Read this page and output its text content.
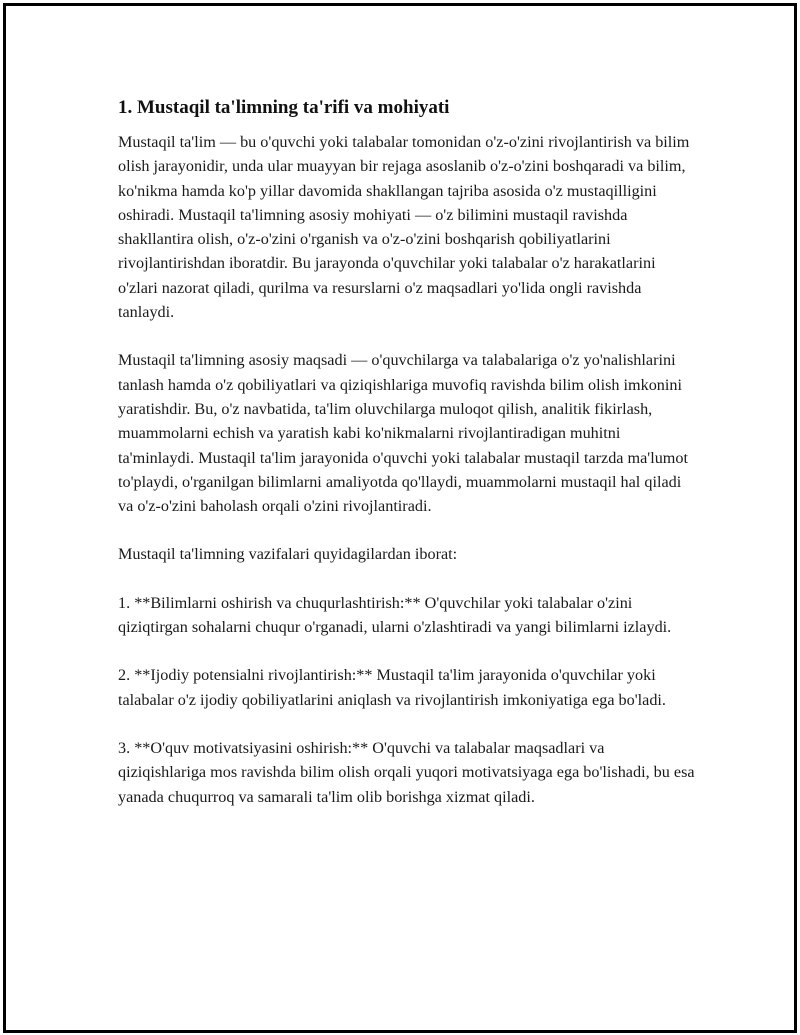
1. Mustaqil ta'limning ta'rifi va mohiyati

Mustaqil ta'lim — bu o'quvchi yoki talabalar tomonidan o'z-o'zini rivojlantirish va bilim olish jarayonidir, unda ular muayyan bir rejaga asoslanib o'z-o'zini boshqaradi va bilim, ko'nikma hamda ko'p yillar davomida shakllangan tajriba asosida o'z mustaqilligini oshiradi. Mustaqil ta'limning asosiy mohiyati — o'z bilimini mustaqil ravishda shakllantira olish, o'z-o'zini o'rganish va o'z-o'zini boshqarish qobiliyatlarini rivojlantirishdan iboratdir. Bu jarayonda o'quvchilar yoki talabalar o'z harakatlarini o'zlari nazorat qiladi, qurilma va resurslarni o'z maqsadlari yo'lida ongli ravishda tanlaydi.

Mustaqil ta'limning asosiy maqsadi — o'quvchilarga va talabalariga o'z yo'nalishlarini tanlash hamda o'z qobiliyatlari va qiziqishlariga muvofiq ravishda bilim olish imkonini yaratishdir. Bu, o'z navbatida, ta'lim oluvchilarga muloqot qilish, analitik fikirlash, muammolarni echish va yaratish kabi ko'nikmalarni rivojlantiradigan muhitni ta'minlaydi. Mustaqil ta'lim jarayonida o'quvchi yoki talabalar mustaqil tarzda ma'lumot to'playdi, o'rganilgan bilimlarni amaliyotda qo'llaydi, muammolarni mustaqil hal qiladi va o'z-o'zini baholash orqali o'zini rivojlantiradi.

Mustaqil ta'limning vazifalari quyidagilardan iborat:

1. **Bilimlarni oshirish va chuqurlashtirish:** O'quvchilar yoki talabalar o'zini qiziqtirgan sohalarni chuqur o'rganadi, ularni o'zlashtiradi va yangi bilimlarni izlaydi.

2. **Ijodiy potensialni rivojlantirish:** Mustaqil ta'lim jarayonida o'quvchilar yoki talabalar o'z ijodiy qobiliyatlarini aniqlash va rivojlantirish imkoniyatiga ega bo'ladi.

3. **O'quv motivatsiyasini oshirish:** O'quvchi va talabalar maqsadlari va qiziqishlariga mos ravishda bilim olish orqali yuqori motivatsiyaga ega bo'lishadi, bu esa yanada chuqurroq va samarali ta'lim olib borishga xizmat qiladi.
